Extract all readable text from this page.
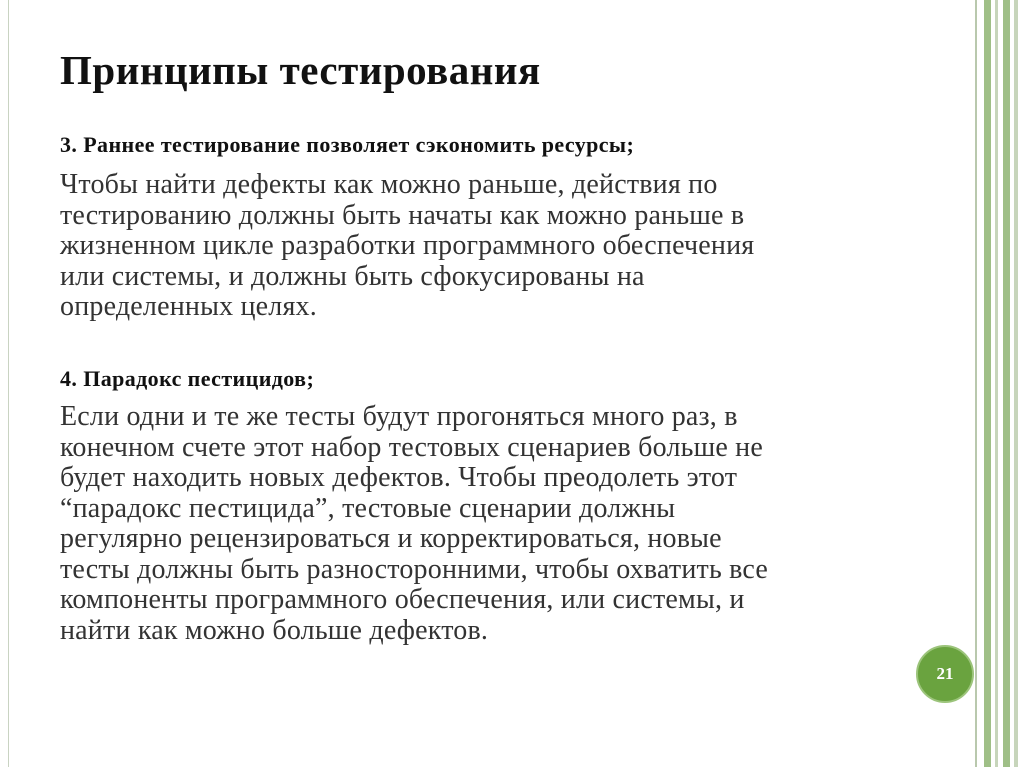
Принципы тестирования
3. Раннее тестирование позволяет сэкономить ресурсы;
Чтобы найти дефекты как можно раньше, действия по
тестированию должны быть начаты как можно раньше в
жизненном цикле разработки программного обеспечения
или системы, и должны быть сфокусированы на
определенных целях.
4. Парадокс пестицидов;
Если одни и те же тесты будут прогоняться много раз, в
конечном счете этот набор тестовых сценариев больше не
будет находить новых дефектов. Чтобы преодолеть этот
“парадокс пестицида”, тестовые сценарии должны
регулярно рецензироваться и корректироваться, новые
тесты должны быть разносторонними, чтобы охватить все
компоненты программного обеспечения, или системы, и
найти как можно больше дефектов.
21
